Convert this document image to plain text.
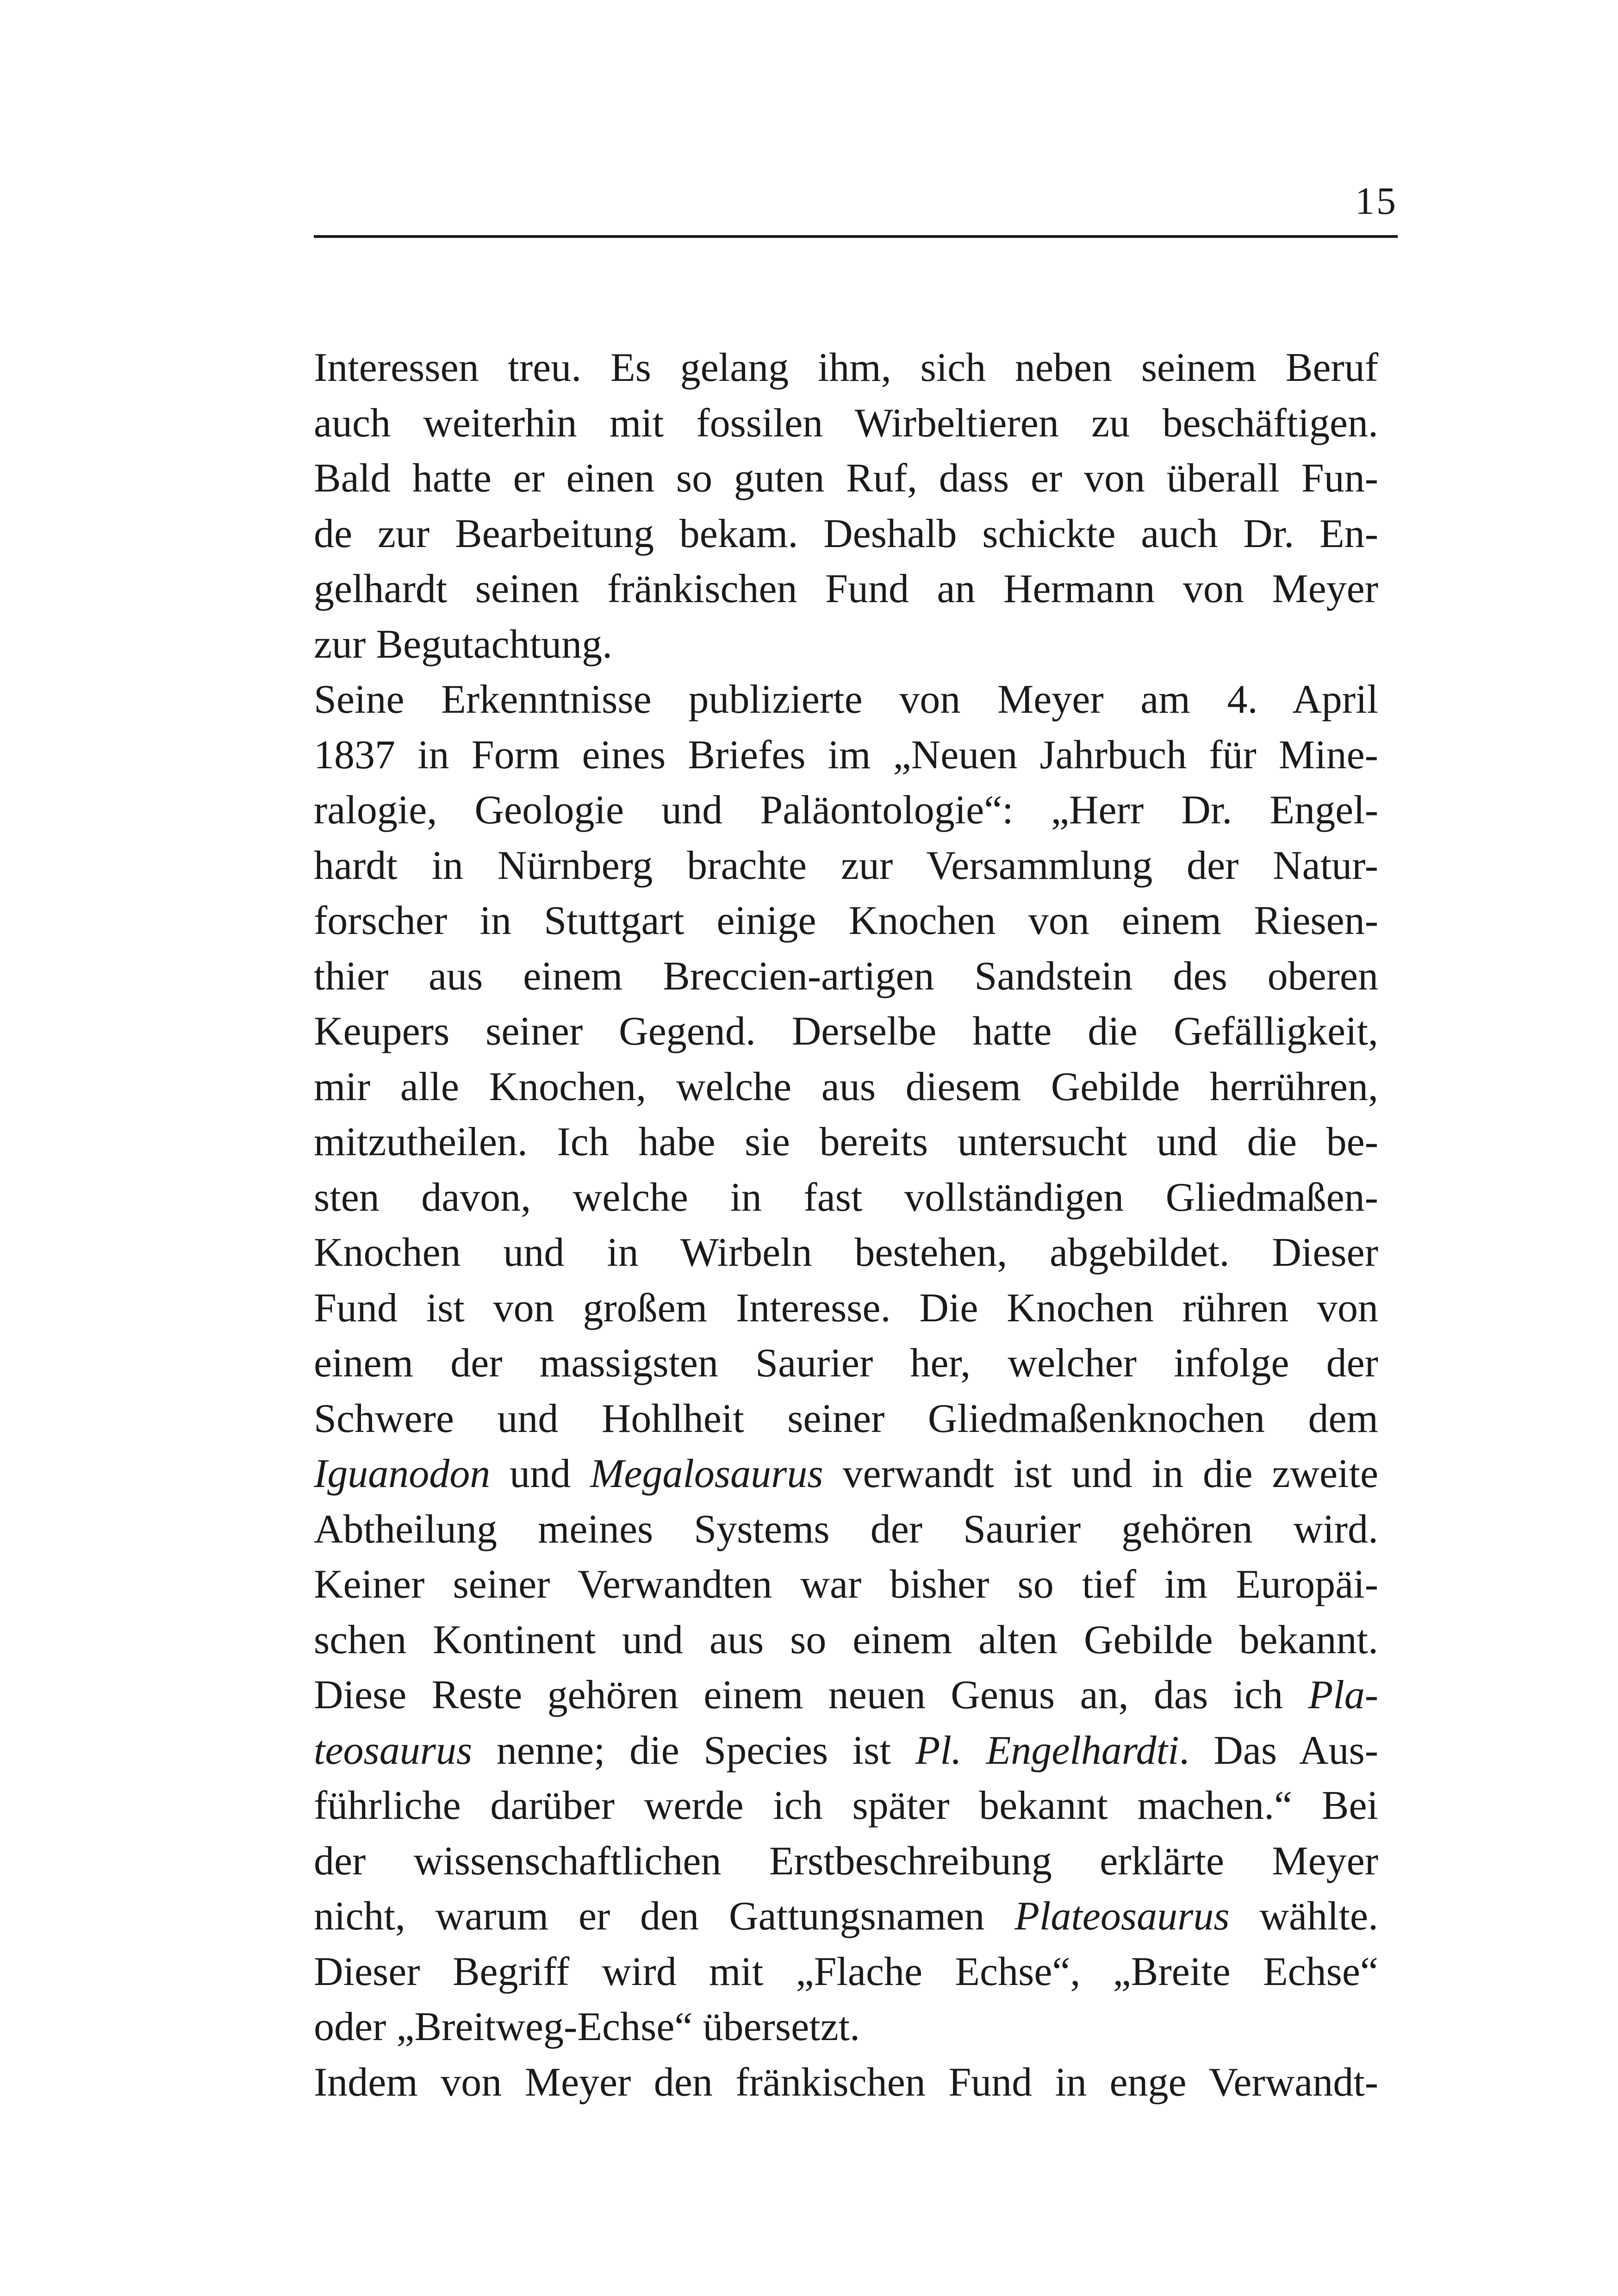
15
Interessen treu. Es gelang ihm, sich neben seinem Beruf
auch weiterhin mit fossilen Wirbeltieren zu beschäftigen.
Bald hatte er einen so guten Ruf, dass er von überall Fun-
de zur Bearbeitung bekam. Deshalb schickte auch Dr. En-
gelhardt seinen fränkischen Fund an Hermann von Meyer
zur Begutachtung.
Seine Erkenntnisse publizierte von Meyer am 4. April
1837 in Form eines Briefes im „Neuen Jahrbuch für Mine-
ralogie, Geologie und Paläontologie“: „Herr Dr. Engel-
hardt in Nürnberg brachte zur Versammlung der Natur-
forscher in Stuttgart einige Knochen von einem Riesen-
thier aus einem Breccien-artigen Sandstein des oberen
Keupers seiner Gegend. Derselbe hatte die Gefälligkeit,
mir alle Knochen, welche aus diesem Gebilde herrühren,
mitzutheilen. Ich habe sie bereits untersucht und die be-
sten davon, welche in fast vollständigen Gliedmaßen-
Knochen und in Wirbeln bestehen, abgebildet. Dieser
Fund ist von großem Interesse. Die Knochen rühren von
einem der massigsten Saurier her, welcher infolge der
Schwere und Hohlheit seiner Gliedmaßenknochen dem
Iguanodon und Megalosaurus verwandt ist und in die zweite
Abtheilung meines Systems der Saurier gehören wird.
Keiner seiner Verwandten war bisher so tief im Europäi-
schen Kontinent und aus so einem alten Gebilde bekannt.
Diese Reste gehören einem neuen Genus an, das ich Pla-
teosaurus nenne; die Species ist Pl. Engelhardti. Das Aus-
führliche darüber werde ich später bekannt machen.“ Bei
der wissenschaftlichen Erstbeschreibung erklärte Meyer
nicht, warum er den Gattungsnamen Plateosaurus wählte.
Dieser Begriff wird mit „Flache Echse“, „Breite Echse“
oder „Breitweg-Echse“ übersetzt.
Indem von Meyer den fränkischen Fund in enge Verwandt-
